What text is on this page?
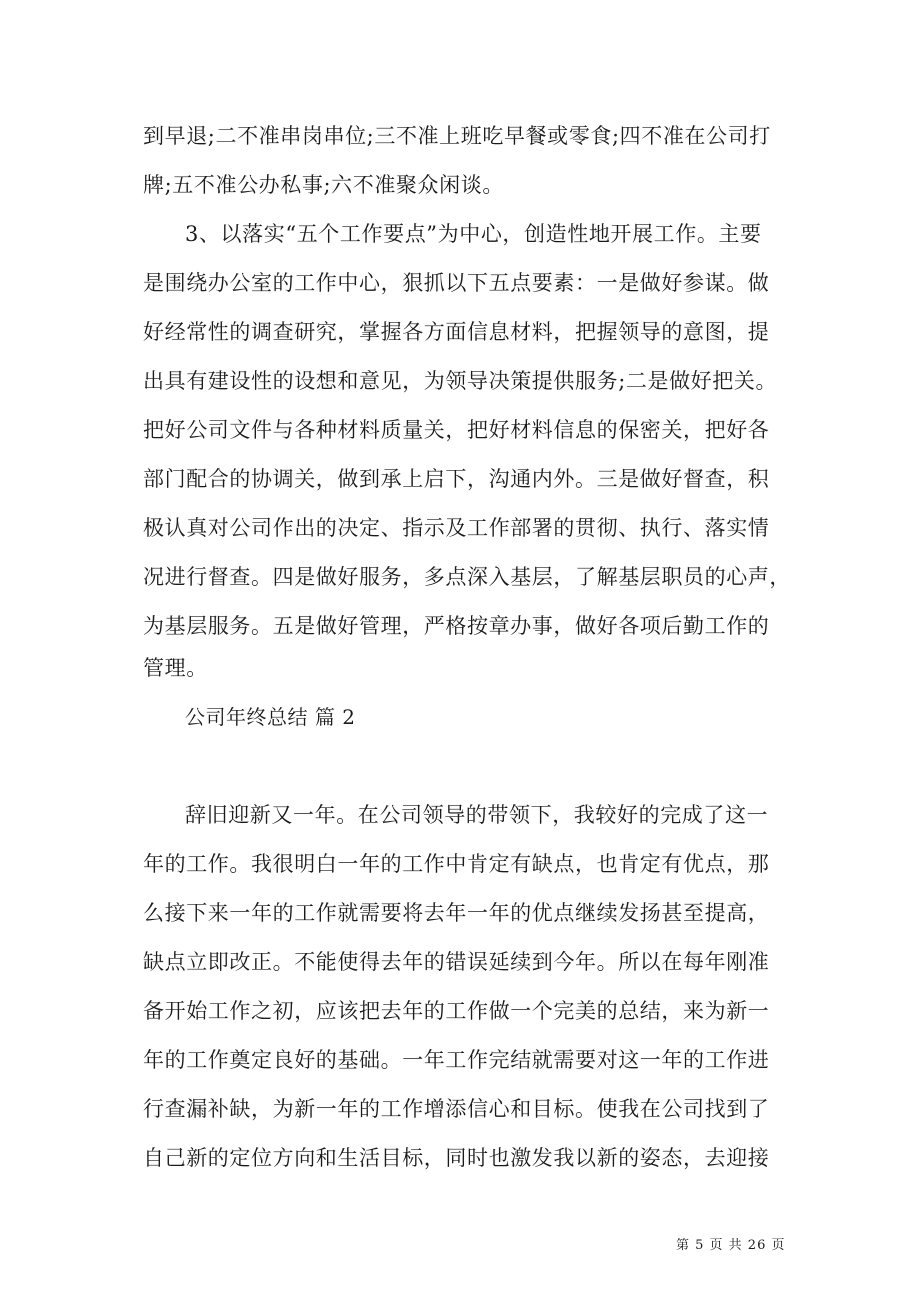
到早退;二不准串岗串位;三不准上班吃早餐或零食;四不准在公司打
牌;五不准公办私事;六不准聚众闲谈。
3、以落实“五个工作要点”为中心，创造性地开展工作。主要
是围绕办公室的工作中心，狠抓以下五点要素：一是做好参谋。做
好经常性的调查研究，掌握各方面信息材料，把握领导的意图，提
出具有建设性的设想和意见，为领导决策提供服务;二是做好把关。
把好公司文件与各种材料质量关，把好材料信息的保密关，把好各
部门配合的协调关，做到承上启下，沟通内外。三是做好督查，积
极认真对公司作出的决定、指示及工作部署的贯彻、执行、落实情
况进行督查。四是做好服务，多点深入基层，了解基层职员的心声，
为基层服务。五是做好管理，严格按章办事，做好各项后勤工作的
管理。
公司年终总结 篇 2
辞旧迎新又一年。在公司领导的带领下，我较好的完成了这一
年的工作。我很明白一年的工作中肯定有缺点，也肯定有优点，那
么接下来一年的工作就需要将去年一年的优点继续发扬甚至提高，
缺点立即改正。不能使得去年的错误延续到今年。所以在每年刚准
备开始工作之初，应该把去年的工作做一个完美的总结，来为新一
年的工作奠定良好的基础。一年工作完结就需要对这一年的工作进
行查漏补缺，为新一年的工作增添信心和目标。使我在公司找到了
自己新的定位方向和生活目标，同时也激发我以新的姿态，去迎接
第 5 页 共 26 页
